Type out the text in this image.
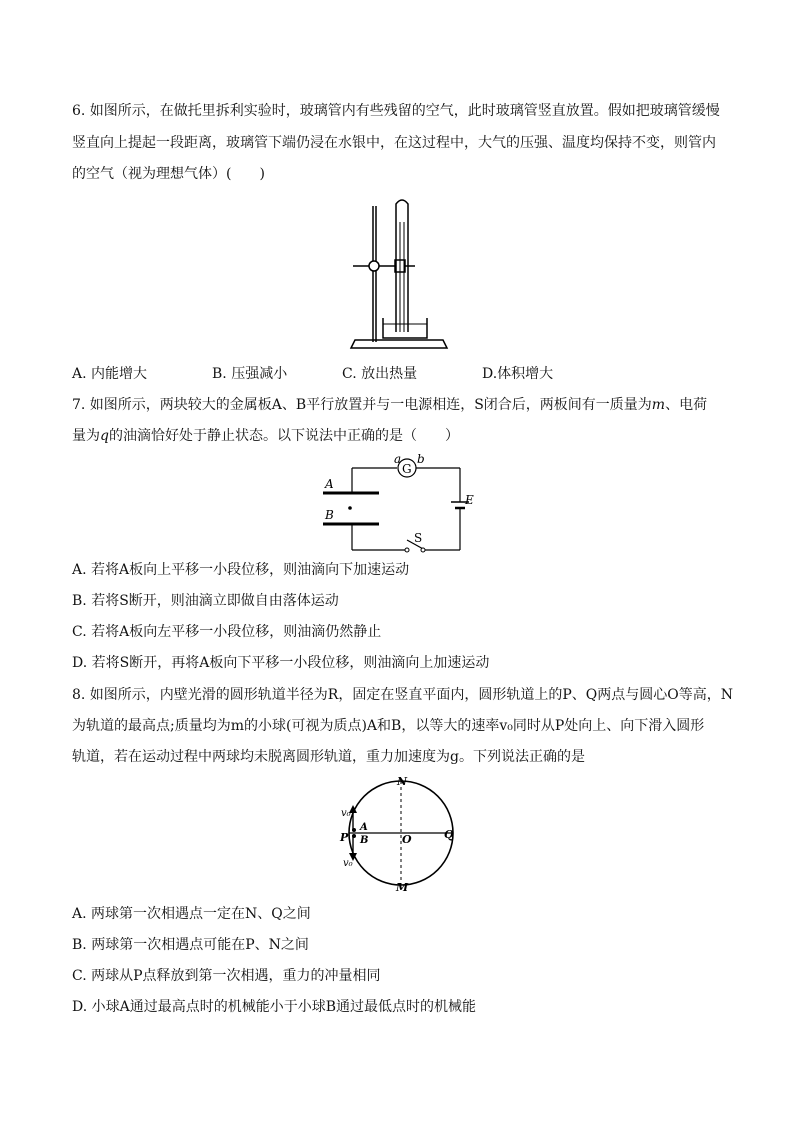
6. 如图所示，在做托里拆利实验时，玻璃管内有些残留的空气，此时玻璃管竖直放置。假如把玻璃管缓慢
竖直向上提起一段距离，玻璃管下端仍浸在水银中，在这过程中，大气的压强、温度均保持不变，则管内
的空气（视为理想气体）(　　)
A. 内能增大	B. 压强减小	C. 放出热量	D.体积增大
7. 如图所示，两块较大的金属板A、B平行放置并与一电源相连，S闭合后，两板间有一质量为m、电荷
量为q的油滴恰好处于静止状态。以下说法中正确的是（　　）
a b
G
A
B
E
S
A. 若将A板向上平移一小段位移，则油滴向下加速运动
B. 若将S断开，则油滴立即做自由落体运动
C. 若将A板向左平移一小段位移，则油滴仍然静止
D. 若将S断开，再将A板向下平移一小段位移，则油滴向上加速运动
8. 如图所示，内壁光滑的圆形轨道半径为R，固定在竖直平面内，圆形轨道上的P、Q两点与圆心O等高，N
为轨道的最高点;质量均为m的小球(可视为质点)A和B，以等大的速率v₀同时从P处向上、向下滑入圆形
轨道，若在运动过程中两球均未脱离圆形轨道，重力加速度为g。下列说法正确的是
N
M
P	Q
O
A
B
v₀
v₀
A. 两球第一次相遇点一定在N、Q之间
B. 两球第一次相遇点可能在P、N之间
C. 两球从P点释放到第一次相遇，重力的冲量相同
D. 小球A通过最高点时的机械能小于小球B通过最低点时的机械能
